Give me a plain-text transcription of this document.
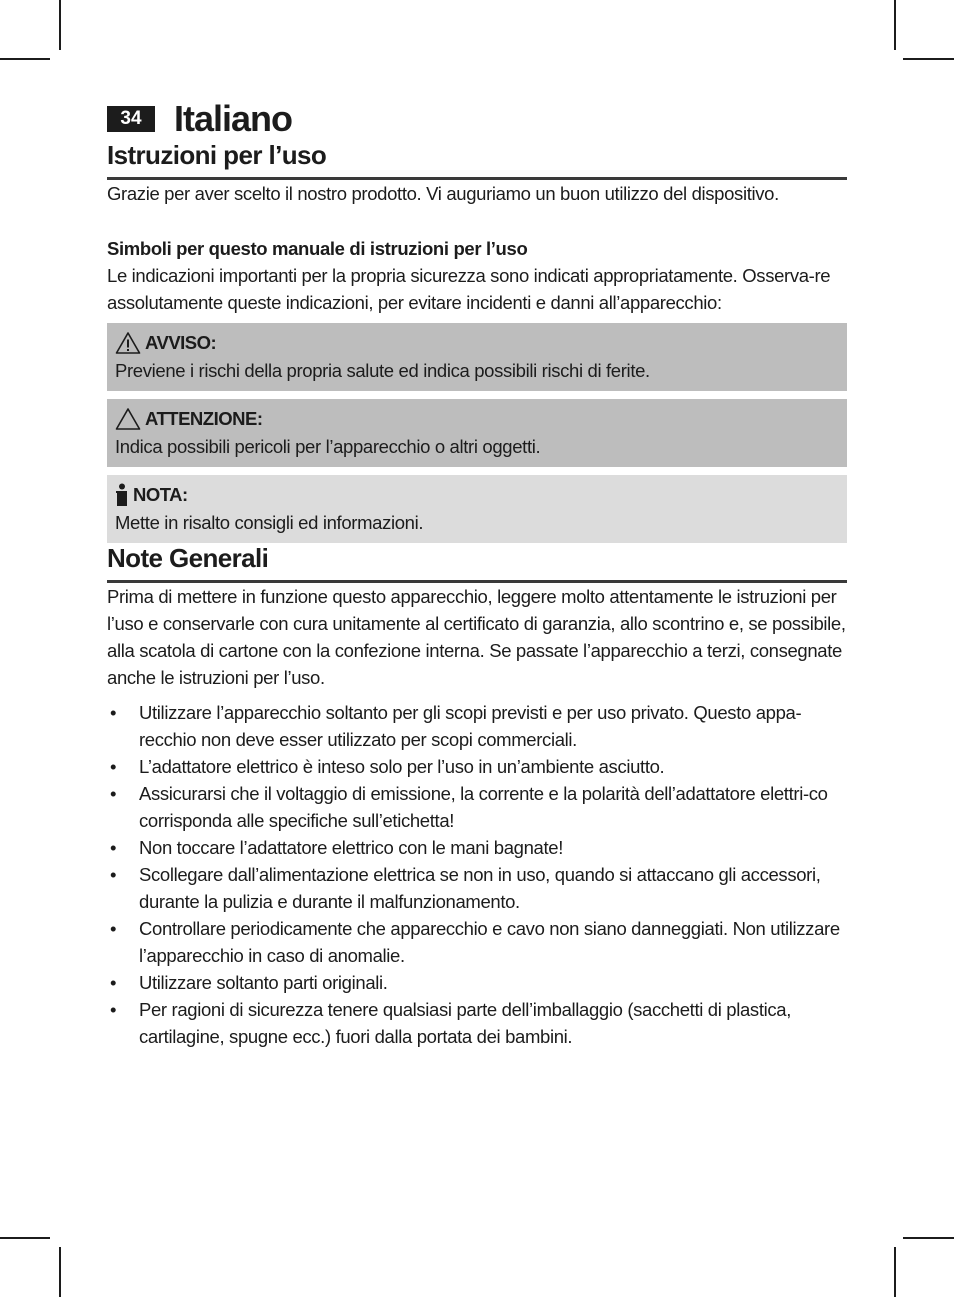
34 Italiano
Istruzioni per l’uso

Grazie per aver scelto il nostro prodotto. Vi auguriamo un buon utilizzo del dispositivo.

Simboli per questo manuale di istruzioni per l’uso

Le indicazioni importanti per la propria sicurezza sono indicati appropriatamente. Osserva-re assolutamente queste indicazioni, per evitare incidenti e danni all’apparecchio:

AVVISO:
Previene i rischi della propria salute ed indica possibili rischi di ferite.
ATTENZIONE:
Indica possibili pericoli per l’apparecchio o altri oggetti.
NOTA:
Mette in risalto consigli ed informazioni.
Note Generali

Prima di mettere in funzione questo apparecchio, leggere molto attentamente le istruzioni per l’uso e conservarle con cura unitamente al certificato di garanzia, allo scontrino e, se possibile, alla scatola di cartone con la confezione interna. Se passate l’apparecchio a terzi, consegnate anche le istruzioni per l’uso.

• Utilizzare l’apparecchio soltanto per gli scopi previsti e per uso privato. Questo appa-recchio non deve esser utilizzato per scopi commerciali.
• L’adattatore elettrico è inteso solo per l’uso in un’ambiente asciutto.
• Assicurarsi che il voltaggio di emissione, la corrente e la polarità dell’adattatore elettri-co corrisponda alle specifiche sull’etichetta!
• Non toccare l’adattatore elettrico con le mani bagnate!
• Scollegare dall’alimentazione elettrica se non in uso, quando si attaccano gli accessori, durante la pulizia e durante il malfunzionamento.
• Controllare periodicamente che apparecchio e cavo non siano danneggiati. Non utilizzare l’apparecchio in caso di anomalie.
• Utilizzare soltanto parti originali.
• Per ragioni di sicurezza tenere qualsiasi parte dell’imballaggio (sacchetti di plastica, cartilagine, spugne ecc.) fuori dalla portata dei bambini.
